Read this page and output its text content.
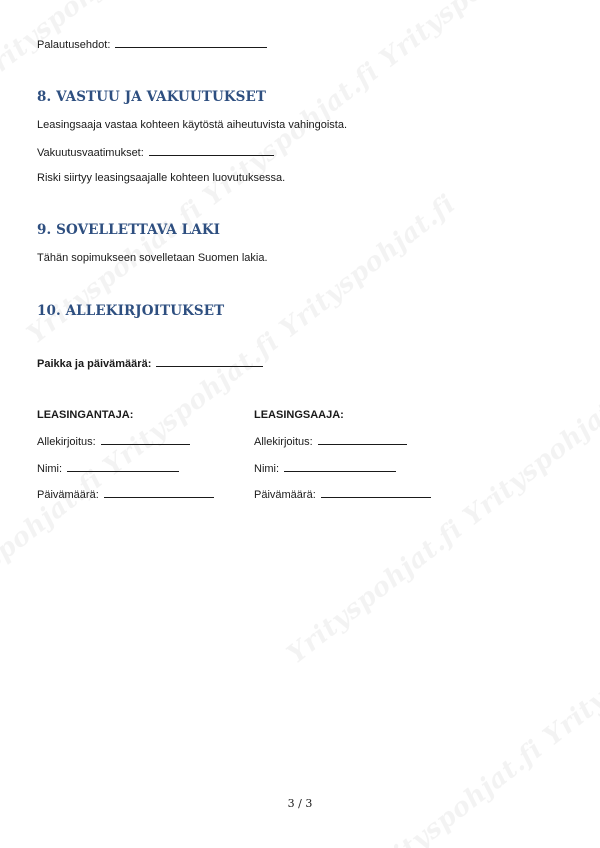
Palautusehdot:
8. VASTUU JA VAKUUTUKSET
Leasingsaaja vastaa kohteen käytöstä aiheutuvista vahingoista.
Vakuutusvaatimukset:
Riski siirtyy leasingsaajalle kohteen luovutuksessa.
9. SOVELLETTAVA LAKI
Tähän sopimukseen sovelletaan Suomen lakia.
10. ALLEKIRJOITUKSET
Paikka ja päivämäärä:
LEASINGANTAJA:
Allekirjoitus:
Nimi:
Päivämäärä:
LEASINGSAAJA:
Allekirjoitus:
Nimi:
Päivämäärä:
3 / 3
